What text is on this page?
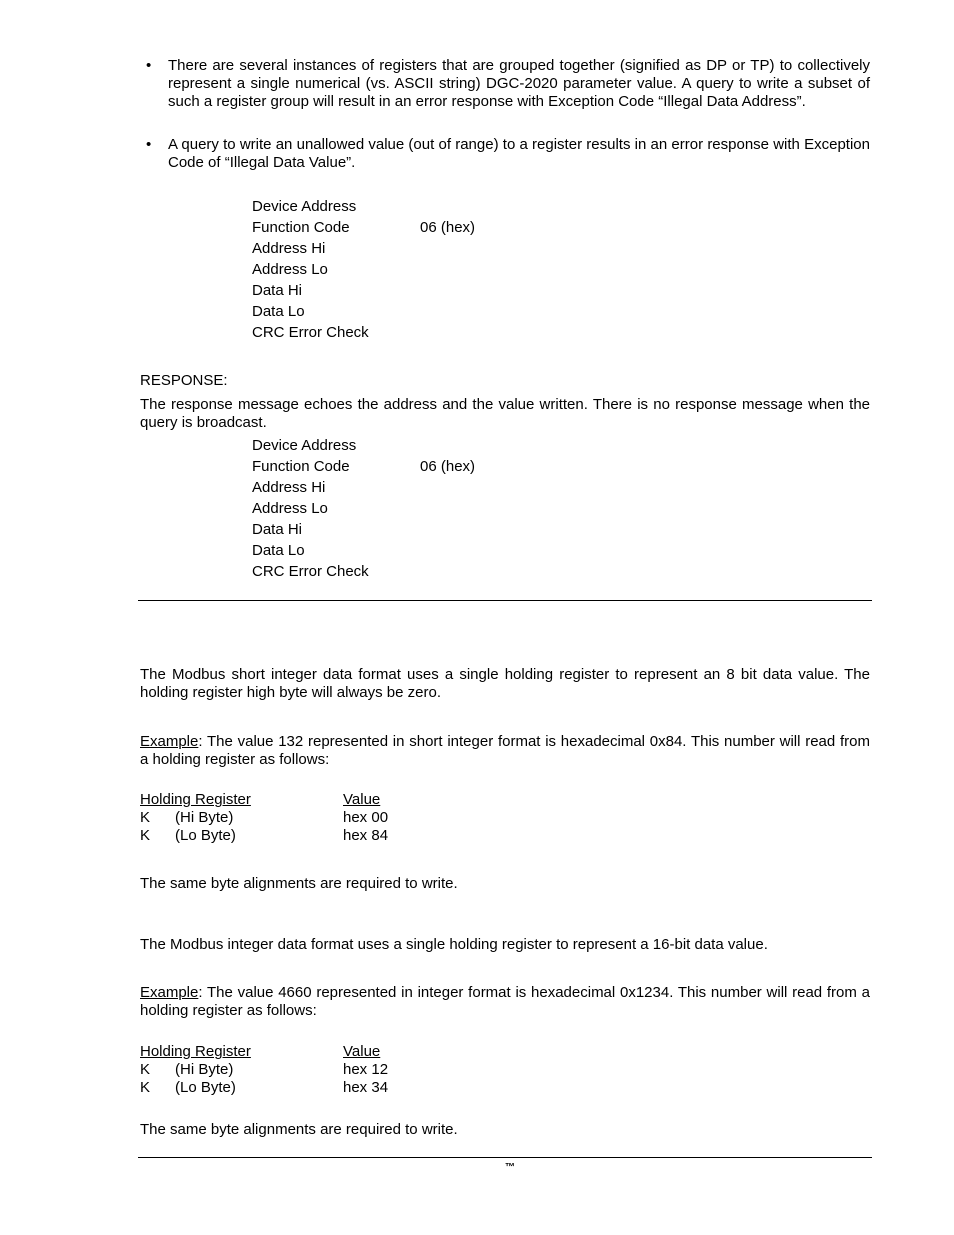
• There are several instances of registers that are grouped together (signified as DP or TP) to collectively represent a single numerical (vs. ASCII string) DGC-2020 parameter value. A query to write a subset of such a register group will result in an error response with Exception Code “Illegal Data Address”.
• A query to write an unallowed value (out of range) to a register results in an error response with Exception Code of “Illegal Data Value”.
Device Address
Function Code	06 (hex)
Address Hi
Address Lo
Data Hi
Data Lo
CRC Error Check
RESPONSE:
The response message echoes the address and the value written. There is no response message when the query is broadcast.
Device Address
Function Code	06 (hex)
Address Hi
Address Lo
Data Hi
Data Lo
CRC Error Check
The Modbus short integer data format uses a single holding register to represent an 8 bit data value. The holding register high byte will always be zero.
Example: The value 132 represented in short integer format is hexadecimal 0x84. This number will read from a holding register as follows:
Holding Register	Value
K (Hi Byte)	hex 00
K (Lo Byte)	hex 84
The same byte alignments are required to write.
The Modbus integer data format uses a single holding register to represent a 16-bit data value.
Example: The value 4660 represented in integer format is hexadecimal 0x1234. This number will read from a holding register as follows:
Holding Register	Value
K (Hi Byte)	hex 12
K (Lo Byte)	hex 34
The same byte alignments are required to write.
™
